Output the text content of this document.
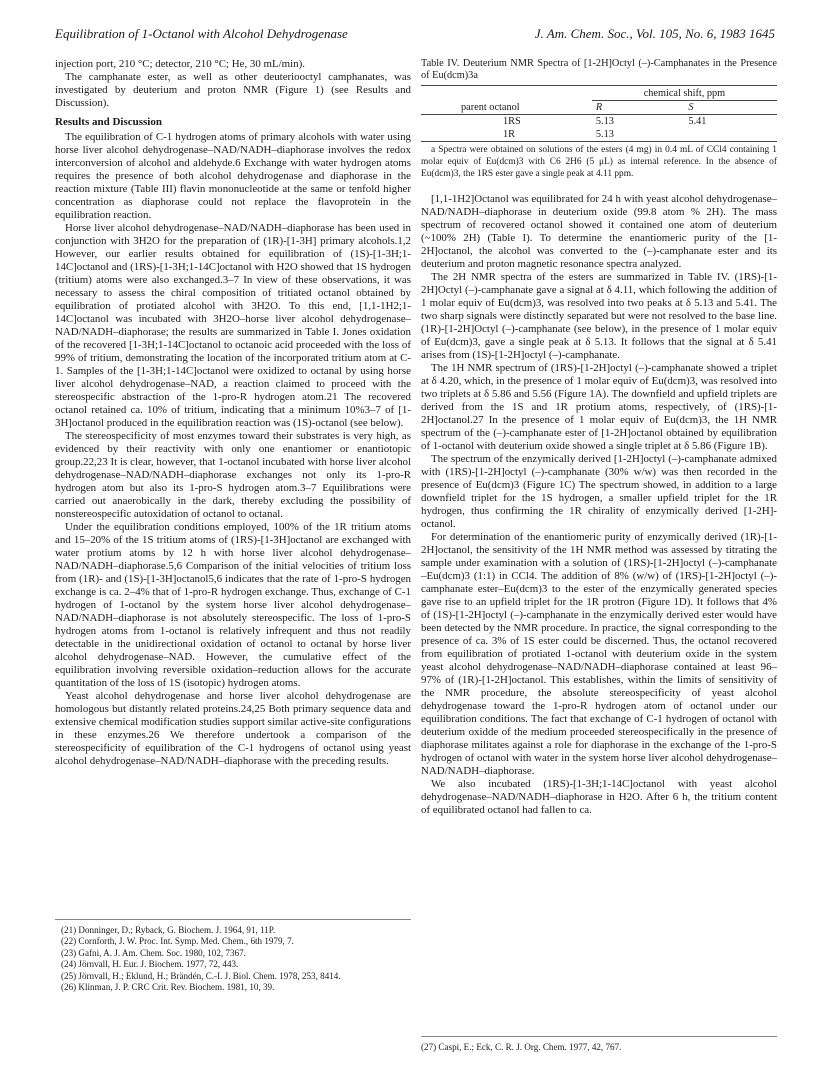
Equilibration of 1-Octanol with Alcohol Dehydrogenase	J. Am. Chem. Soc., Vol. 105, No. 6, 1983 1645

injection port, 210 °C; detector, 210 °C; He, 30 mL/min).

The camphanate ester, as well as other deuteriooctyl camphanates, was investigated by deuterium and proton NMR (Figure 1) (see Results and Discussion).

Results and Discussion

The equilibration of C-1 hydrogen atoms of primary alcohols with water using horse liver alcohol dehydrogenase–NAD/NADH–diaphorase involves the redox interconversion of alcohol and aldehyde.6 Exchange with water hydrogen atoms requires the presence of both alcohol dehydrogenase and diaphorase in the reaction mixture (Table III) flavin mononucleotide at the same or tenfold higher concentration as diaphorase could not replace the flavoprotein in the equilibration reaction.

Horse liver alcohol dehydrogenase–NAD/NADH–diaphorase has been used in conjunction with 3H2O for the preparation of (1R)-[1-3H] primary alcohols.1,2 However, our earlier results obtained for equilibration of (1S)-[1-3H;1-14C]octanol and (1RS)-[1-3H;1-14C]octanol with H2O showed that 1S hydrogen (tritium) atoms were also exchanged.3–7 In view of these observations, it was necessary to assess the chiral composition of tritiated octanol obtained by equilibration of protiated alcohol with 3H2O. To this end, [1,1-1H2;1-14C]octanol was incubated with 3H2O–horse liver alcohol dehydrogenase–NAD/NADH–diaphorase; the results are summarized in Table I. Jones oxidation of the recovered [1-3H;1-14C]octanol to octanoic acid proceeded with the loss of 99% of tritium, demonstrating the location of the incorporated tritium atom at C-1. Samples of the [1-3H;1-14C]octanol were oxidized to octanal by using horse liver alcohol dehydrogenase–NAD, a reaction claimed to proceed with the stereospecific abstraction of the 1-pro-R hydrogen atom.21 The recovered octanol retained ca. 10% of tritium, indicating that a minimum 10%3–7 of [1-3H]octanol produced in the equilibration reaction was (1S)-octanol (see below).

The stereospecificity of most enzymes toward their substrates is very high, as evidenced by their reactivity with only one enantiomer or enantiotopic group.22,23 It is clear, however, that 1-octanol incubated with horse liver alcohol dehydrogenase–NAD/NADH–diaphorase exchanges not only its 1-pro-R hydrogen atom but also its 1-pro-S hydrogen atom.3–7 Equilibrations were carried out anaerobically in the dark, thereby excluding the possibility of nonstereospecific autoxidation of octanol to octanal.

Under the equilibration conditions employed, 100% of the 1R tritium atoms and 15–20% of the 1S tritium atoms of (1RS)-[1-3H]octanol are exchanged with water protium atoms by 12 h with horse liver alcohol dehydrogenase–NAD/NADH–diaphorase.5,6 Comparison of the initial velocities of tritium loss from (1R)- and (1S)-[1-3H]octanol5,6 indicates that the rate of 1-pro-S hydrogen exchange is ca. 2–4% that of 1-pro-R hydrogen exchange. Thus, exchange of C-1 hydrogen of 1-octanol by the system horse liver alcohol dehydrogenase–NAD/NADH–diaphorase is not absolutely stereospecific. The loss of 1-pro-S hydrogen atoms from 1-octanol is relatively infrequent and thus not readily detectable in the unidirectional oxidation of octanol to octanal by horse liver alcohol dehydrogenase–NAD. However, the cumulative effect of the equilibration involving reversible oxidation–reduction allows for the accurate quantitation of the loss of 1S (isotopic) hydrogen atoms.

Yeast alcohol dehydrogenase and horse liver alcohol dehydrogenase are homologous but distantly related proteins.24,25 Both primary sequence data and extensive chemical modification studies support similar active-site configurations in these enzymes.26 We therefore undertook a comparison of the stereospecificity of equilibration of the C-1 hydrogens of octanol using yeast alcohol dehydrogenase–NAD/NADH–diaphorase with the preceding results.

(21) Donninger, D.; Ryback, G. Biochem. J. 1964, 91, 11P.
(22) Cornforth, J. W. Proc. Int. Symp. Med. Chem., 6th 1979, 7.
(23) Gafni, A. J. Am. Chem. Soc. 1980, 102, 7367.
(24) Jörnvall, H. Eur. J. Biochem. 1977, 72, 443.
(25) Jörnvall, H.; Eklund, H.; Brändén, C.-I. J. Biol. Chem. 1978, 253, 8414.
(26) Klinman, J. P. CRC Crit. Rev. Biochem. 1981, 10, 39.
Table IV. Deuterium NMR Spectra of [1-2H]Octyl (–)-Camphanates in the Presence of Eu(dcm)3a

	chemical shift, ppm	
parent octanol	R	S
1RS	5.13	5.41
1R	5.13	
a Spectra were obtained on solutions of the esters (4 mg) in 0.4 mL of CCl4 containing 1 molar equiv of Eu(dcm)3 with C6 2H6 (5 μL) as internal reference. In the absence of Eu(dcm)3, the 1RS ester gave a single peak at 4.11 ppm.

[1,1-1H2]Octanol was equilibrated for 24 h with yeast alcohol dehydrogenase–NAD/NADH–diaphorase in deuterium oxide (99.8 atom % 2H). The mass spectrum of recovered octanol showed it contained one atom of deuterium (~100% 2H) (Table I). To determine the enantiomeric purity of the [1-2H]octanol, the alcohol was converted to the (–)-camphanate ester and its deuterium and proton magnetic resonance spectra analyzed.

The 2H NMR spectra of the esters are summarized in Table IV. (1RS)-[1-2H]Octyl (–)-camphanate gave a signal at δ 4.11, which following the addition of 1 molar equiv of Eu(dcm)3, was resolved into two peaks at δ 5.13 and 5.41. The two sharp signals were distinctly separated but were not resolved to the base line. (1R)-[1-2H]Octyl (–)-camphanate (see below), in the presence of 1 molar equiv of Eu(dcm)3, gave a single peak at δ 5.13. It follows that the signal at δ 5.41 arises from (1S)-[1-2H]octyl (–)-camphanate.

The 1H NMR spectrum of (1RS)-[1-2H]octyl (–)-camphanate showed a triplet at δ 4.20, which, in the presence of 1 molar equiv of Eu(dcm)3, was resolved into two triplets at δ 5.86 and 5.56 (Figure 1A). The downfield and upfield triplets are derived from the 1S and 1R protium atoms, respectively, of (1RS)-[1-2H]octanol.27 In the presence of 1 molar equiv of Eu(dcm)3, the 1H NMR spectrum of the (–)-camphanate ester of [1-2H]octanol obtained by equilibration of 1-octanol with deuterium oxide showed a single triplet at δ 5.86 (Figure 1B).

The spectrum of the enzymically derived [1-2H]octyl (–)-camphanate admixed with (1RS)-[1-2H]octyl (–)-camphanate (30% w/w) was then recorded in the presence of Eu(dcm)3 (Figure 1C) The spectrum showed, in addition to a large downfield triplet for the 1S hydrogen, a smaller upfield triplet for the 1R hydrogen, thus confirming the 1R chirality of enzymically derived [1-2H]-octanol.

For determination of the enantiomeric purity of enzymically derived (1R)-[1-2H]octanol, the sensitivity of the 1H NMR method was assessed by titrating the sample under examination with a solution of (1RS)-[1-2H]octyl (–)-camphanate –Eu(dcm)3 (1:1) in CCl4. The addition of 8% (w/w) of (1RS)-[1-2H]octyl (–)-camphanate ester–Eu(dcm)3 to the ester of the enzymically generated species gave rise to an upfield triplet for the 1R protron (Figure 1D). It follows that 4% of (1S)-[1-2H]octyl (–)-camphanate in the enzymically derived ester would have been detected by the NMR procedure. In practice, the signal corresponding to the presence of ca. 3% of 1S ester could be discerned. Thus, the octanol recovered from equilibration of protiated 1-octanol with deuterium oxide in the system yeast alcohol dehydrogenase–NAD/NADH–diaphorase contained at least 96–97% of (1R)-[1-2H]octanol. This establishes, within the limits of sensitivity of the NMR procedure, the absolute stereospecificity of yeast alcohol dehydrogenase toward the 1-pro-R hydrogen atom of octanol under our equilibration conditions. The fact that exchange of C-1 hydrogen of octanol with deuterium oxidde of the medium proceeded stereospecifically in the presence of diaphorase militates against a role for diaphorase in the exchange of the 1-pro-S hydrogen of octanol with water in the system horse liver alcohol dehydrogenase–NAD/NADH–diaphorase.

We also incubated (1RS)-[1-3H;1-14C]octanol with yeast alcohol dehydrogenase–NAD/NADH–diaphorase in H2O. After 6 h, the tritium content of equilibrated octanol had fallen to ca.

(27) Caspi, E.; Eck, C. R. J. Org. Chem. 1977, 42, 767.
